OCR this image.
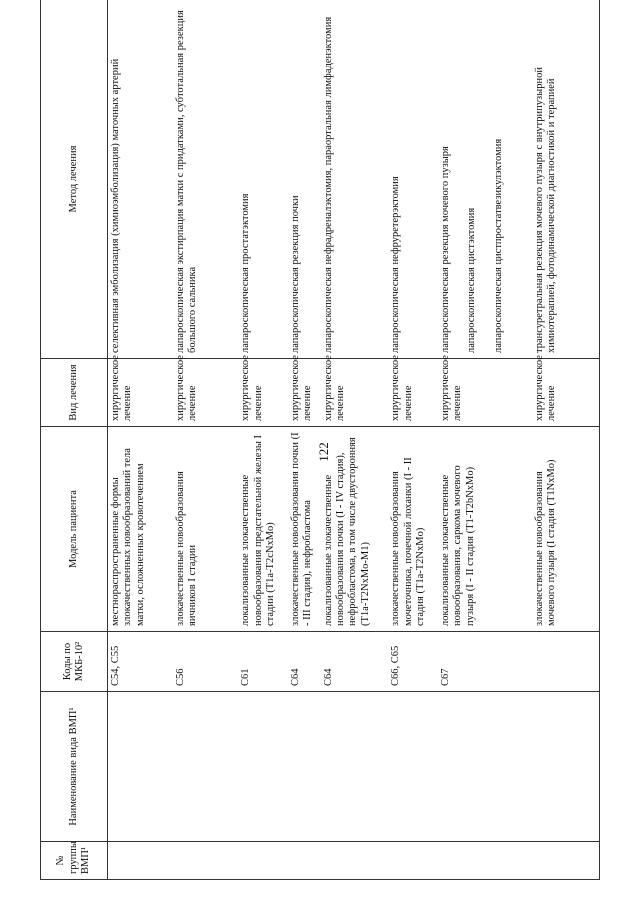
122
№ группы ВМП¹	Наименование вида ВМП¹	Коды по МКБ-10²	Модель пациента	Вид лечения	Метод лечения
		С54, С55	местнораспространенные формы злокачественных новообразований тела матки, осложненных кровотечением	хирургическое лечение	селективная эмболизация (химиоэмболизация) маточных артерий

		С56	злокачественные новообразования яичников I стадии	хирургическое лечение	лапароскопическая экстирпация матки с придатками, субтотальная резекция большого сальника

		С61	локализованные злокачественные новообразования предстательной железы I стадии (T1a-T2cNxMo)	хирургическое лечение	лапароскопическая простатэктомия

		С64	злокачественные новообразования почки (I - III стадия), нефробластома	хирургическое лечение	лапароскопическая резекция почки

		С64	локализованные злокачественные новообразования почки (I - IV стадия), нефробластома, в том числе двусторонняя (T1a-T2NxMo-M1)	хирургическое лечение	лапароскопическая нефрадреналэктомия, параортальная лимфаденэктомия

		С66, С65	злокачественные новообразования мочеточника, почечной лоханки (I - II стадия (T1a-T2NxMo)	хирургическое лечение	лапароскопическая нефруретерэктомия

		С67	локализованные злокачественные новообразования, саркома мочевого пузыря (I - II стадия (T1-T2bNxMo)	хирургическое лечение	лапароскопическая резекция мочевого пузыря лапароскопическая цистэктомия лапароскопическая цистпростатвезикулэктомия

			злокачественные новообразования мочевого пузыря (I стадия (T1NxMo)	хирургическое лечение	трансуретральная резекция мочевого пузыря с внутрипузырной химиотерапией, фотодинамической диагностикой и терапией
